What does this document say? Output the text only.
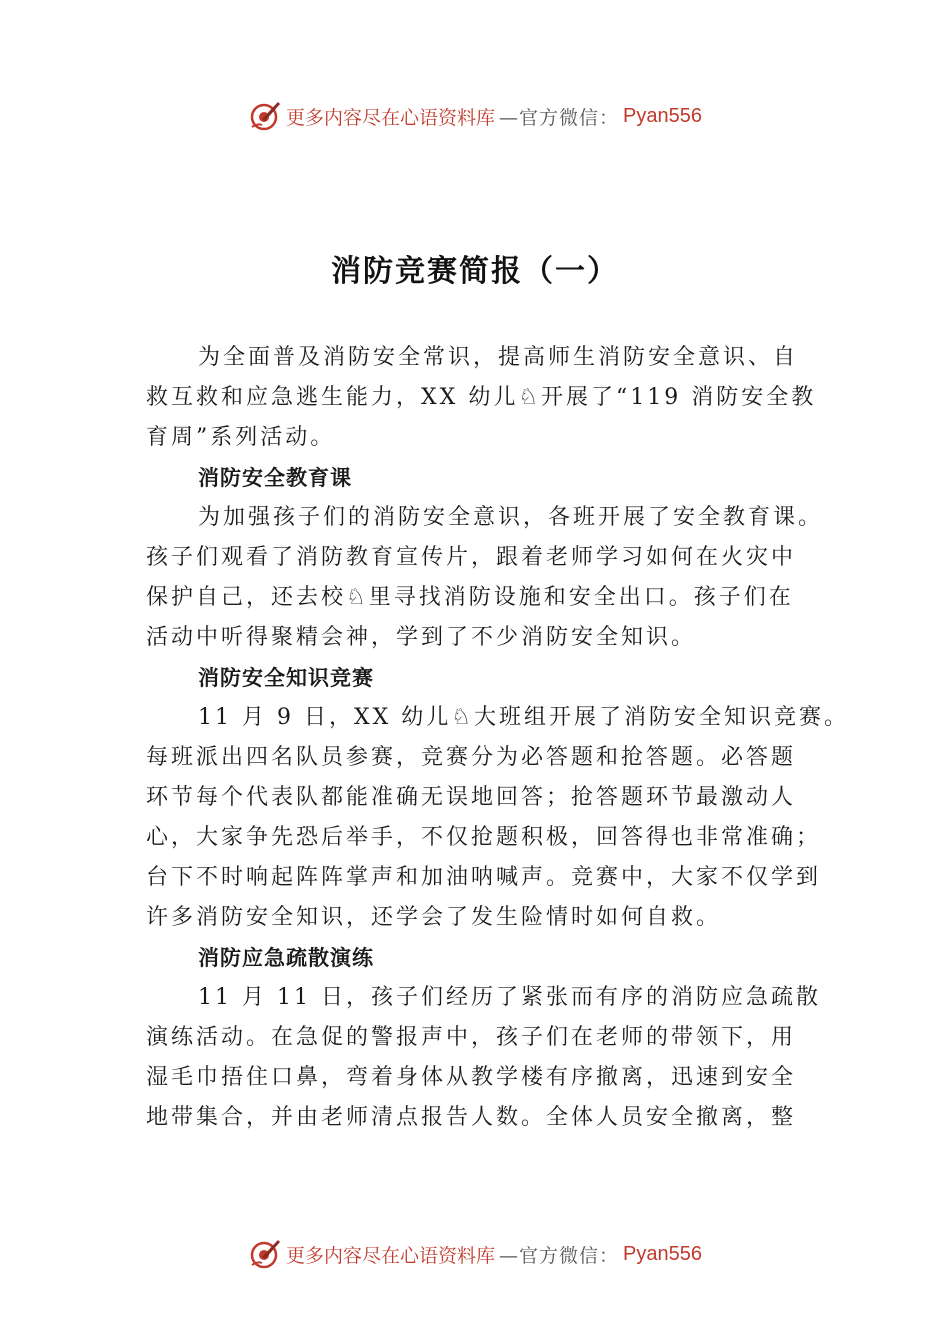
更多内容尽在心语资料库 —官方微信： Pyan556
消防竞赛简报（一）
为全面普及消防安全常识，提高师生消防安全意识、自
救互救和应急逃生能力，XX 幼儿♘开展了“119 消防安全教
育周”系列活动。
消防安全教育课
为加强孩子们的消防安全意识，各班开展了安全教育课。
孩子们观看了消防教育宣传片，跟着老师学习如何在火灾中
保护自己，还去校♘里寻找消防设施和安全出口。孩子们在
活动中听得聚精会神，学到了不少消防安全知识。
消防安全知识竞赛
11 月 9 日，XX 幼儿♘大班组开展了消防安全知识竞赛。
每班派出四名队员参赛，竞赛分为必答题和抢答题。必答题
环节每个代表队都能准确无误地回答；抢答题环节最激动人
心，大家争先恐后举手，不仅抢题积极，回答得也非常准确；
台下不时响起阵阵掌声和加油呐喊声。竞赛中，大家不仅学到
许多消防安全知识，还学会了发生险情时如何自救。
消防应急疏散演练
11 月 11 日，孩子们经历了紧张而有序的消防应急疏散
演练活动。在急促的警报声中，孩子们在老师的带领下，用
湿毛巾捂住口鼻，弯着身体从教学楼有序撤离，迅速到安全
地带集合，并由老师清点报告人数。全体人员安全撤离，整
更多内容尽在心语资料库 —官方微信： Pyan556
